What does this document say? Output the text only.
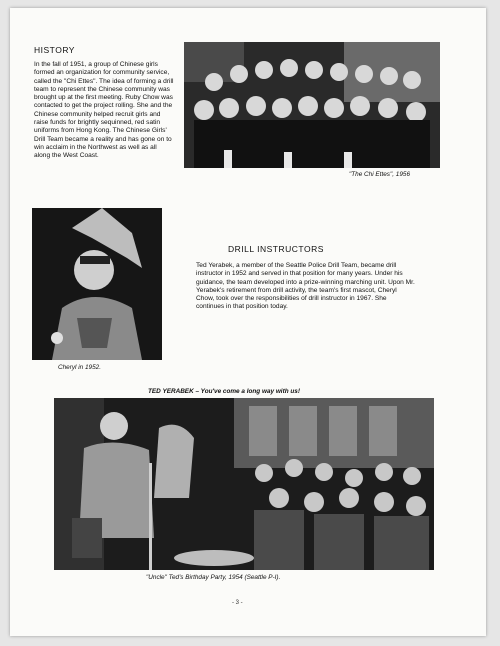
HISTORY
In the fall of 1951, a group of Chinese girls formed an organization for community service, called the "Chi Ettes". The idea of forming a drill team to represent the Chinese community was brought up at the first meeting. Ruby Chow was contacted to get the project rolling. She and the Chinese community helped recruit girls and raise funds for brightly sequinned, red satin uniforms from Hong Kong. The Chinese Girls' Drill Team became a reality and has gone on to win acclaim in the Northwest as well as all along the West Coast.
"The Chi Ettes", 1956
Cheryl in 1952.
DRILL INSTRUCTORS
Ted Yerabek, a member of the Seattle Police Drill Team, became drill instructor in 1952 and served in that position for many years. Under his guidance, the team developed into a prize-winning marching unit. Upon Mr. Yerabek's retirement from drill activity, the team's first mascot, Cheryl Chow, took over the responsibilities of drill instructor in 1967. She continues in that position today.
TED YERABEK – You've come a long way with us!
"Uncle" Ted's Birthday Party, 1954 (Seattle P-I).
- 3 -
